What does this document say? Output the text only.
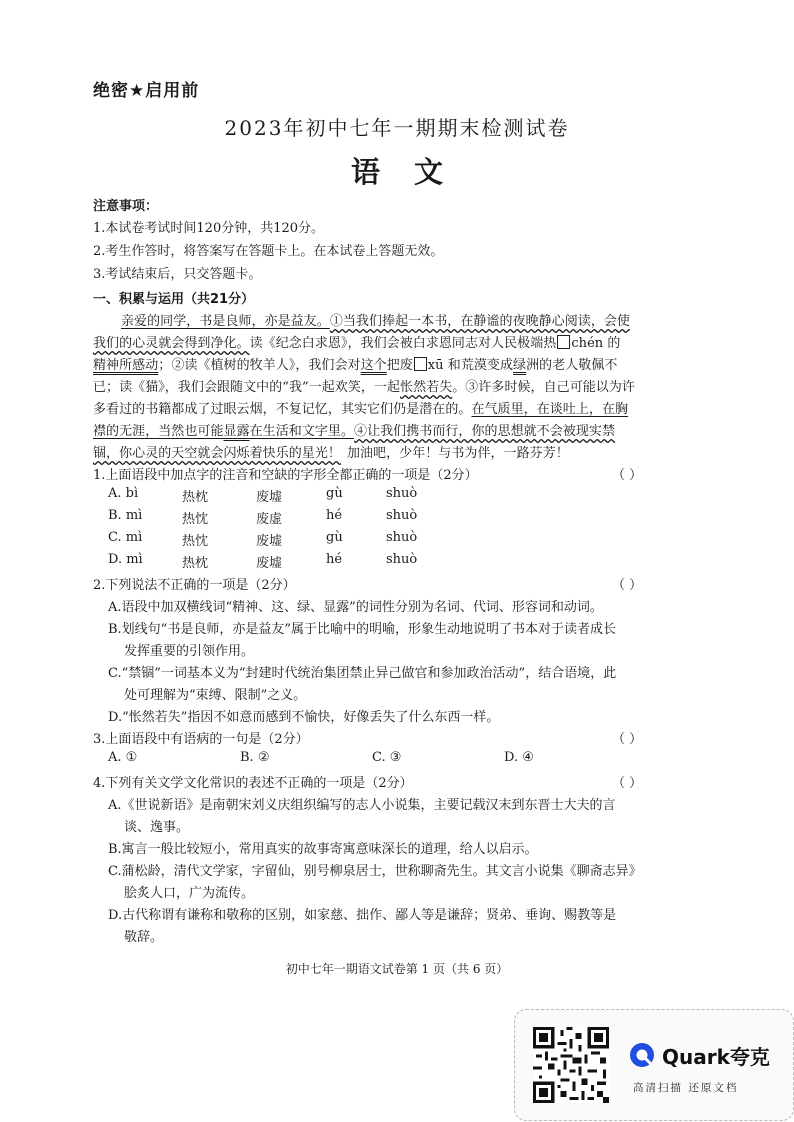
绝密★启用前
2023年初中七年一期期末检测试卷
语文
注意事项：
1.本试卷考试时间120分钟，共120分。
2.考生作答时，将答案写在答题卡上。在本试卷上答题无效。
3.考试结束后，只交答题卡。
一、积累与运用（共21分）
亲爱的同学，书是良师，亦是益友。①当我们捧起一本书，在静谧的夜晚静心阅读，会使
我们的心灵就会得到净化。读《纪念白求恩》，我们会被白求恩同志对人民极端热 chén 的
精神所感动；②读《植树的牧羊人》，我们会对这个把废 xū 和荒漠变成绿洲的老人敬佩不
已；读《猫》，我们会跟随文中的“我”一起欢笑，一起怅然若失。③许多时候，自己可能以为许
多看过的书籍都成了过眼云烟，不复记忆，其实它们仍是潜在的。在气质里，在谈吐上，在胸
襟的无涯，当然也可能显露在生活和文字里。④让我们携书而行，你的思想就不会被现实禁
锢，你心灵的天空就会闪烁着快乐的星光！ 加油吧，少年！与书为伴，一路芬芳！
1.上面语段中加点字的注音和空缺的字形全都正确的一项是（2分）	（ ）
A. bì	热枕	废墟	gù	shuò
B. mì	热忱	废虚	hé	shuò
C. mì	热忱	废墟	gù	shuò
D. mì	热枕	废墟	hé	shuò
2.下列说法不正确的一项是（2分）	（ ）
A.语段中加双横线词“精神、这、绿、显露”的词性分别为名词、代词、形容词和动词。
B.划线句“书是良师，亦是益友”属于比喻中的明喻，形象生动地说明了书本对于读者成长
发挥重要的引领作用。
C.“禁锢”一词基本义为“封建时代统治集团禁止异己做官和参加政治活动”，结合语境，此
处可理解为“束缚、限制”之义。
D.“怅然若失”指因不如意而感到不愉快，好像丢失了什么东西一样。
3.上面语段中有语病的一句是（2分）	（ ）
A. ①	B. ②	C. ③	D. ④
4.下列有关文学文化常识的表述不正确的一项是（2分）	（ ）
A.《世说新语》是南朝宋刘义庆组织编写的志人小说集，主要记载汉末到东晋士大夫的言
谈、逸事。
B.寓言一般比较短小，常用真实的故事寄寓意味深长的道理，给人以启示。
C.蒲松龄，清代文学家，字留仙，别号柳泉居士，世称聊斋先生。其文言小说集《聊斋志异》
脍炙人口，广为流传。
D.古代称谓有谦称和敬称的区别，如家慈、拙作、鄙人等是谦辞；贤弟、垂询、赐教等是
敬辞。
初中七年一期语文试卷第 1 页（共 6 页）
Quark夸克
高清扫描 还原文档
